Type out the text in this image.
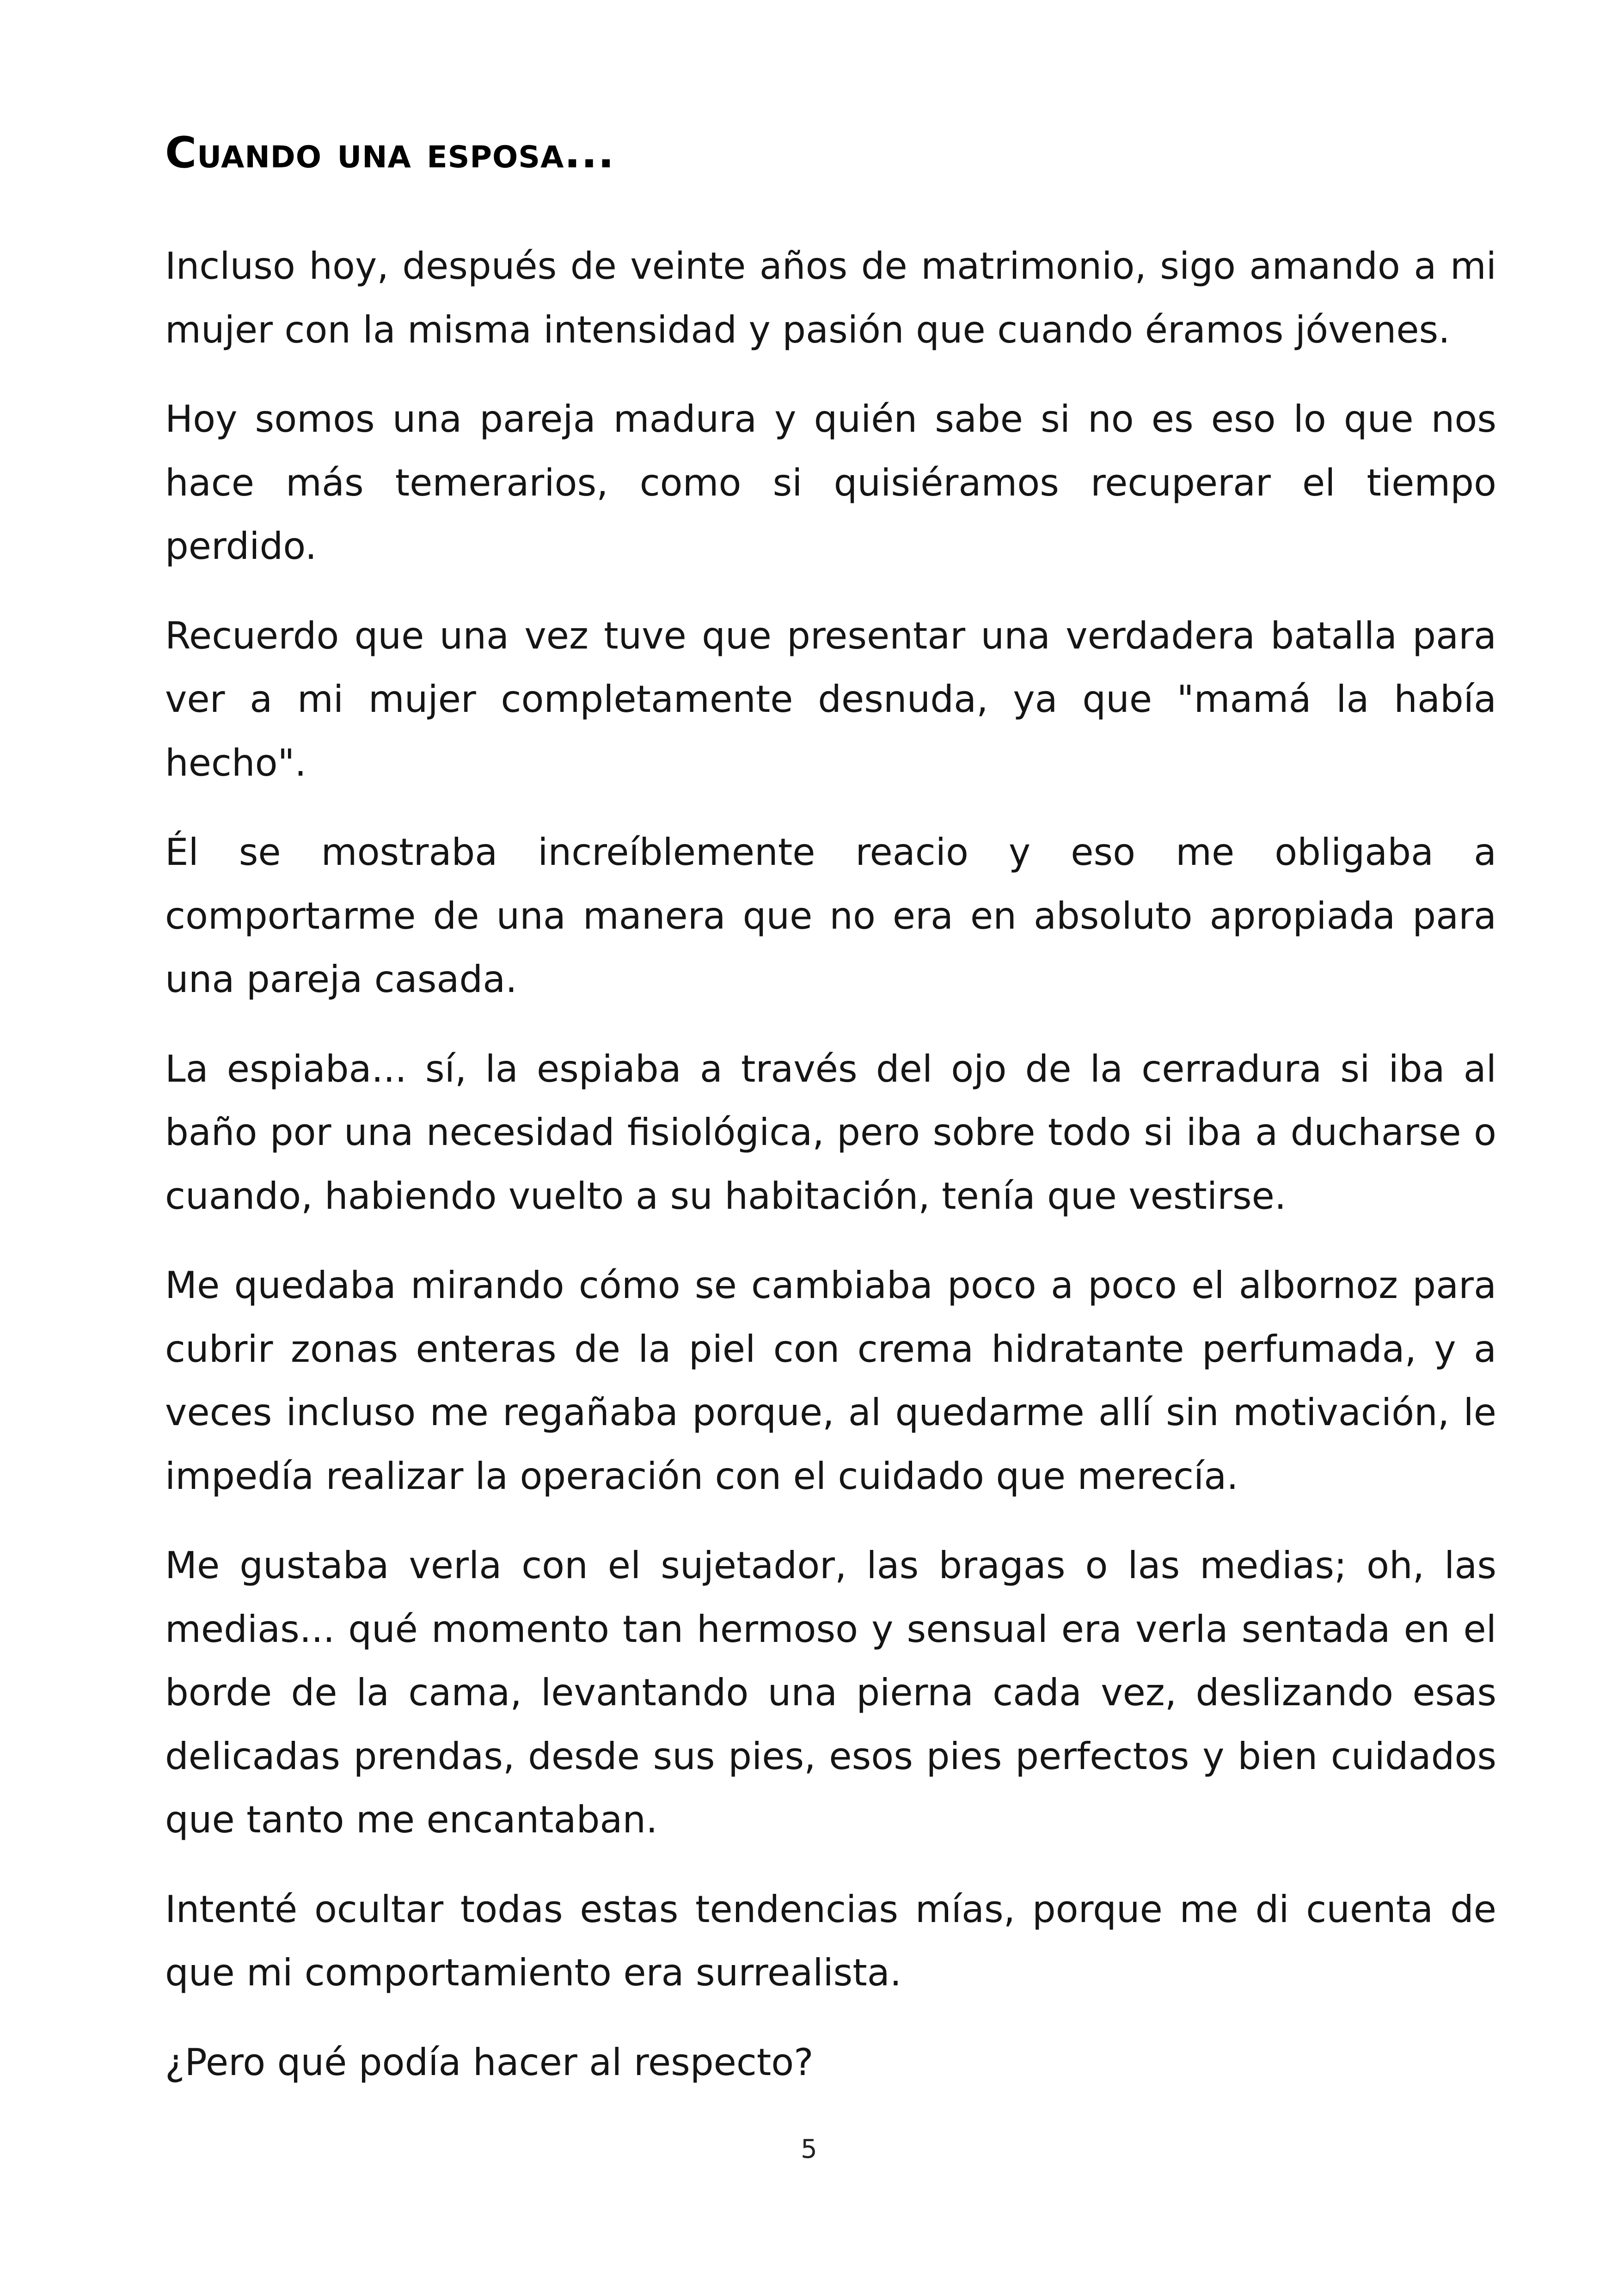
Cuando una esposa...

Incluso hoy, después de veinte años de matrimonio, sigo amando a mi mujer con la misma intensidad y pasión que cuando éramos jóvenes.

Hoy somos una pareja madura y quién sabe si no es eso lo que nos hace más temerarios, como si quisiéramos recuperar el tiempo perdido.

Recuerdo que una vez tuve que presentar una verdadera batalla para ver a mi mujer completamente desnuda, ya que "mamá la había hecho".

Él se mostraba increíblemente reacio y eso me obligaba a comportarme de una manera que no era en absoluto apropiada para una pareja casada.

La espiaba... sí, la espiaba a través del ojo de la cerradura si iba al baño por una necesidad fisiológica, pero sobre todo si iba a ducharse o cuando, habiendo vuelto a su habitación, tenía que vestirse.

Me quedaba mirando cómo se cambiaba poco a poco el albornoz para cubrir zonas enteras de la piel con crema hidratante perfumada, y a veces incluso me regañaba porque, al quedarme allí sin motivación, le impedía realizar la operación con el cuidado que merecía.

Me gustaba verla con el sujetador, las bragas o las medias; oh, las medias... qué momento tan hermoso y sensual era verla sentada en el borde de la cama, levantando una pierna cada vez, deslizando esas delicadas prendas, desde sus pies, esos pies perfectos y bien cuidados que tanto me encantaban.

Intenté ocultar todas estas tendencias mías, porque me di cuenta de que mi comportamiento era surrealista.

¿Pero qué podía hacer al respecto?

5
